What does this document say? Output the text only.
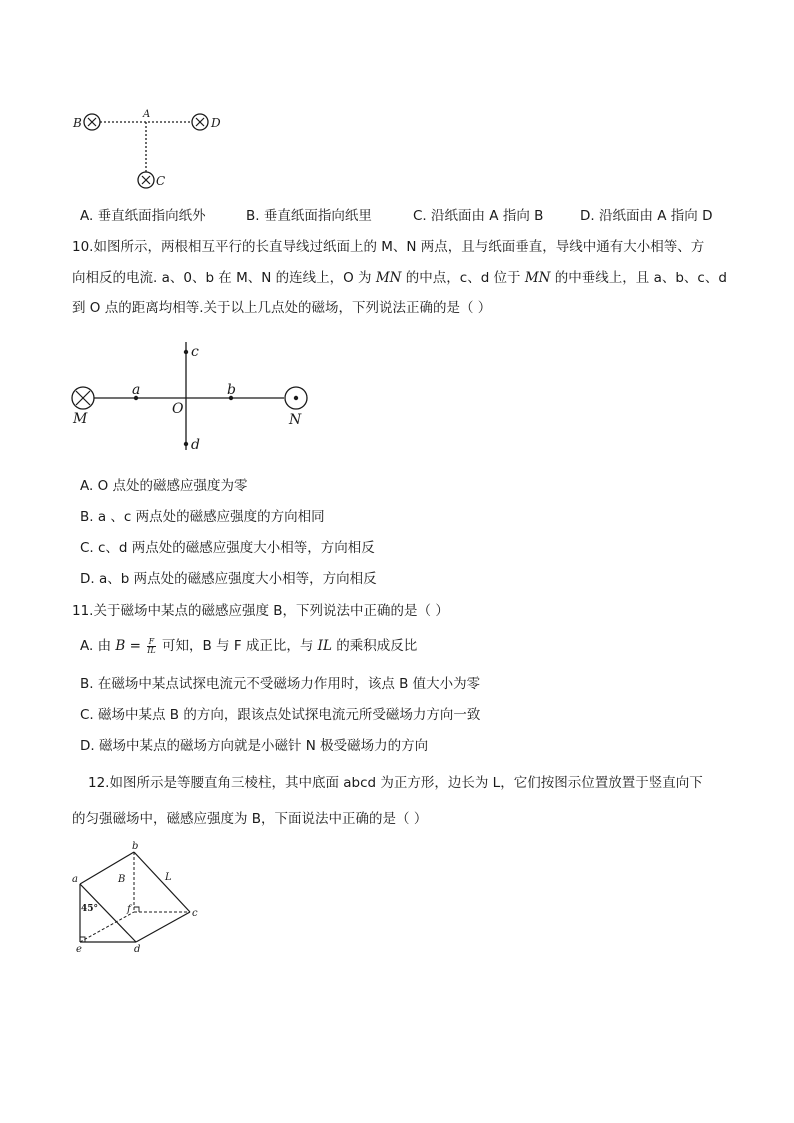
B
A
D
C
A. 垂直纸面指向纸外	B. 垂直纸面指向纸里	C. 沿纸面由 A 指向 B	D. 沿纸面由 A 指向 D
10.如图所示，两根相互平行的长直导线过纸面上的 M、N 两点，且与纸面垂直，导线中通有大小相等、方
向相反的电流. a、0、b 在 M、N 的连线上，O 为 MN 的中点，c、d 位于 MN 的中垂线上，且 a、b、c、d
到 O 点的距离均相等.关于以上几点处的磁场，下列说法正确的是（ ）
c
a	b
O
M	N
d
A. O 点处的磁感应强度为零
B. a 、c 两点处的磁感应强度的方向相同
C. c、d 两点处的磁感应强度大小相等，方向相反
D. a、b 两点处的磁感应强度大小相等，方向相反
11.关于磁场中某点的磁感应强度 B，下列说法中正确的是（ ）
A. 由 $B = \frac{F}{IL}$ 可知，B 与 F 成正比，与 IL 的乘积成反比
B. 在磁场中某点试探电流元不受磁场力作用时，该点 B 值大小为零
C. 磁场中某点 B 的方向，跟该点处试探电流元所受磁场力方向一致
D. 磁场中某点的磁场方向就是小磁针 N 极受磁场力的方向
12.如图所示是等腰直角三棱柱，其中底面 abcd 为正方形，边长为 L，它们按图示位置放置于竖直向下
的匀强磁场中，磁感应强度为 B，下面说法中正确的是（ ）
a
b
c
d
e
f
B	L
45°
